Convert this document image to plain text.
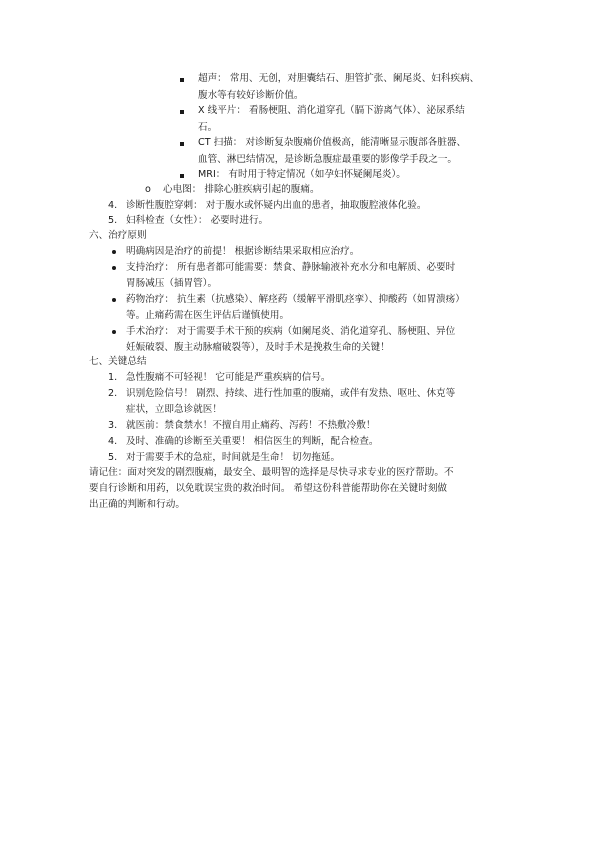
超声： 常用、无创，对胆囊结石、胆管扩张、阑尾炎、妇科疾病、
腹水等有较好诊断价值。
X 线平片： 看肠梗阻、消化道穿孔（膈下游离气体）、泌尿系结
石。
CT 扫描： 对诊断复杂腹痛价值极高，能清晰显示腹部各脏器、
血管、淋巴结情况，是诊断急腹症最重要的影像学手段之一。
MRI： 有时用于特定情况（如孕妇怀疑阑尾炎）。
o 心电图： 排除心脏疾病引起的腹痛。
4. 诊断性腹腔穿刺： 对于腹水或怀疑内出血的患者，抽取腹腔液体化验。
5. 妇科检查（女性）： 必要时进行。
六、治疗原则
明确病因是治疗的前提！ 根据诊断结果采取相应治疗。
支持治疗： 所有患者都可能需要：禁食、静脉输液补充水分和电解质、必要时
胃肠减压（插胃管）。
药物治疗： 抗生素（抗感染）、解痉药（缓解平滑肌痉挛）、抑酸药（如胃溃疡）
等。止痛药需在医生评估后谨慎使用。
手术治疗： 对于需要手术干预的疾病（如阑尾炎、消化道穿孔、肠梗阻、异位
妊娠破裂、腹主动脉瘤破裂等），及时手术是挽救生命的关键！
七、关键总结
1. 急性腹痛不可轻视！ 它可能是严重疾病的信号。
2. 识别危险信号！ 剧烈、持续、进行性加重的腹痛，或伴有发热、呕吐、休克等
症状，立即急诊就医！
3. 就医前：禁食禁水！不擅自用止痛药、泻药！不热敷冷敷！
4. 及时、准确的诊断至关重要！ 相信医生的判断，配合检查。
5. 对于需要手术的急症，时间就是生命！ 切勿拖延。
请记住：面对突发的剧烈腹痛，最安全、最明智的选择是尽快寻求专业的医疗帮助。不
要自行诊断和用药，以免耽误宝贵的救治时间。 希望这份科普能帮助你在关键时刻做
出正确的判断和行动。
